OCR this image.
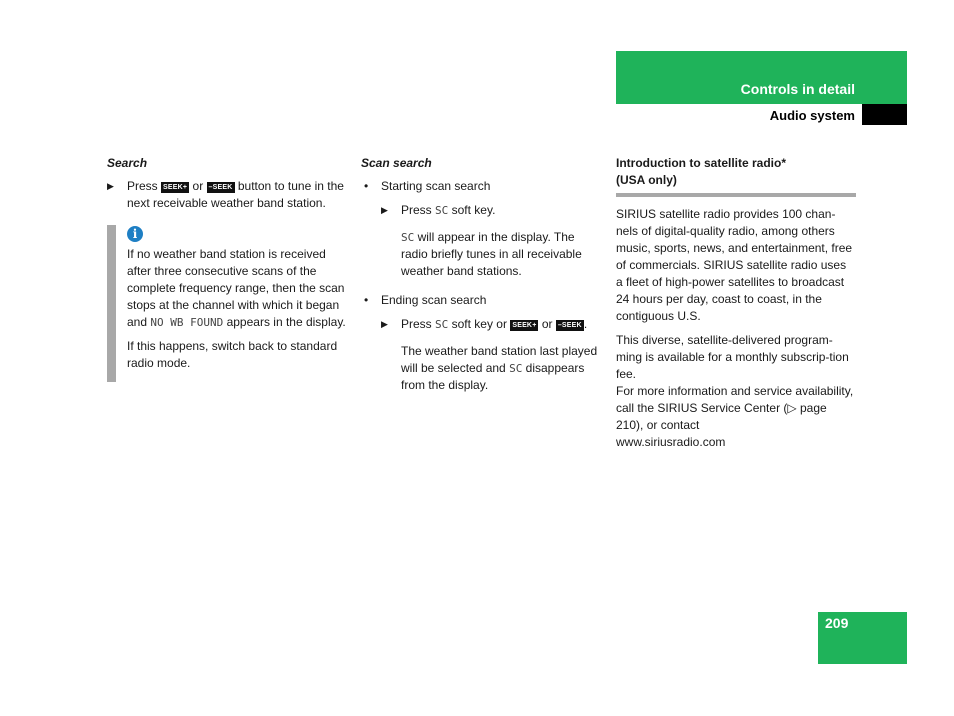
Controls in detail
Audio system
Search
▶ Press SEEK+ or –SEEK button to tune in the next receivable weather band station.
i

If no weather band station is received after three consecutive scans of the complete frequency range, then the scan stops at the channel with which it began and NO WB FOUND appears in the display.

If this happens, switch back to standard radio mode.

Scan search
• Starting scan search
▶ Press SC soft key.

SC will appear in the display. The radio briefly tunes in all receivable weather band stations.

• Ending scan search
▶ Press SC soft key or SEEK+ or –SEEK .

The weather band station last played will be selected and SC disappears from the display.

Introduction to satellite radio*
(USA only)

SIRIUS satellite radio provides 100 chan-nels of digital-quality radio, among others music, sports, news, and entertainment, free of commercials. SIRIUS satellite radio uses a fleet of high-power satellites to broadcast 24 hours per day, coast to coast, in the contiguous U.S.

This diverse, satellite-delivered program-ming is available for a monthly subscrip-tion fee.

For more information and service availability, call the SIRIUS Service Center (▷ page 210), or contact
www.siriusradio.com

209
